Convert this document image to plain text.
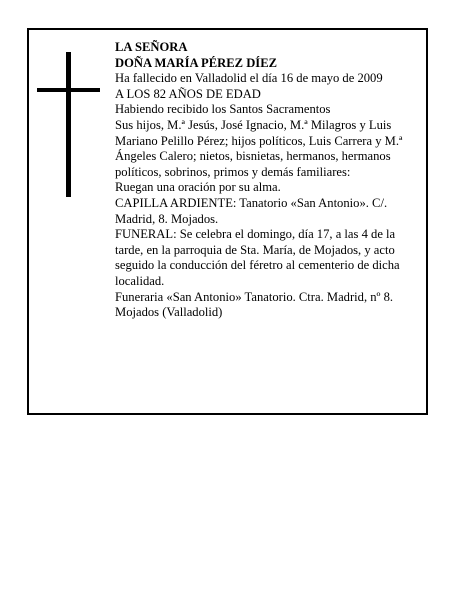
LA SEÑORA

DOÑA MARÍA PÉREZ DÍEZ

Ha fallecido en Valladolid el día 16 de mayo de 2009

A LOS 82 AÑOS DE EDAD

Habiendo recibido los Santos Sacramentos

Sus hijos, M.ª Jesús, José Ignacio, M.ª Milagros y Luis Mariano Pelillo Pérez; hijos políticos, Luis Carrera y M.ª Ángeles Calero; nietos, bisnietas, hermanos, hermanos políticos, sobrinos, primos y demás familiares:

Ruegan una oración por su alma.

CAPILLA ARDIENTE: Tanatorio «San Antonio». C/. Madrid, 8. Mojados.

FUNERAL: Se celebra el domingo, día 17, a las 4 de la tarde, en la parroquia de Sta. María, de Mojados, y acto seguido la conducción del féretro al cementerio de dicha localidad.

Funeraria «San Antonio» Tanatorio. Ctra. Madrid, nº 8. Mojados (Valladolid)
